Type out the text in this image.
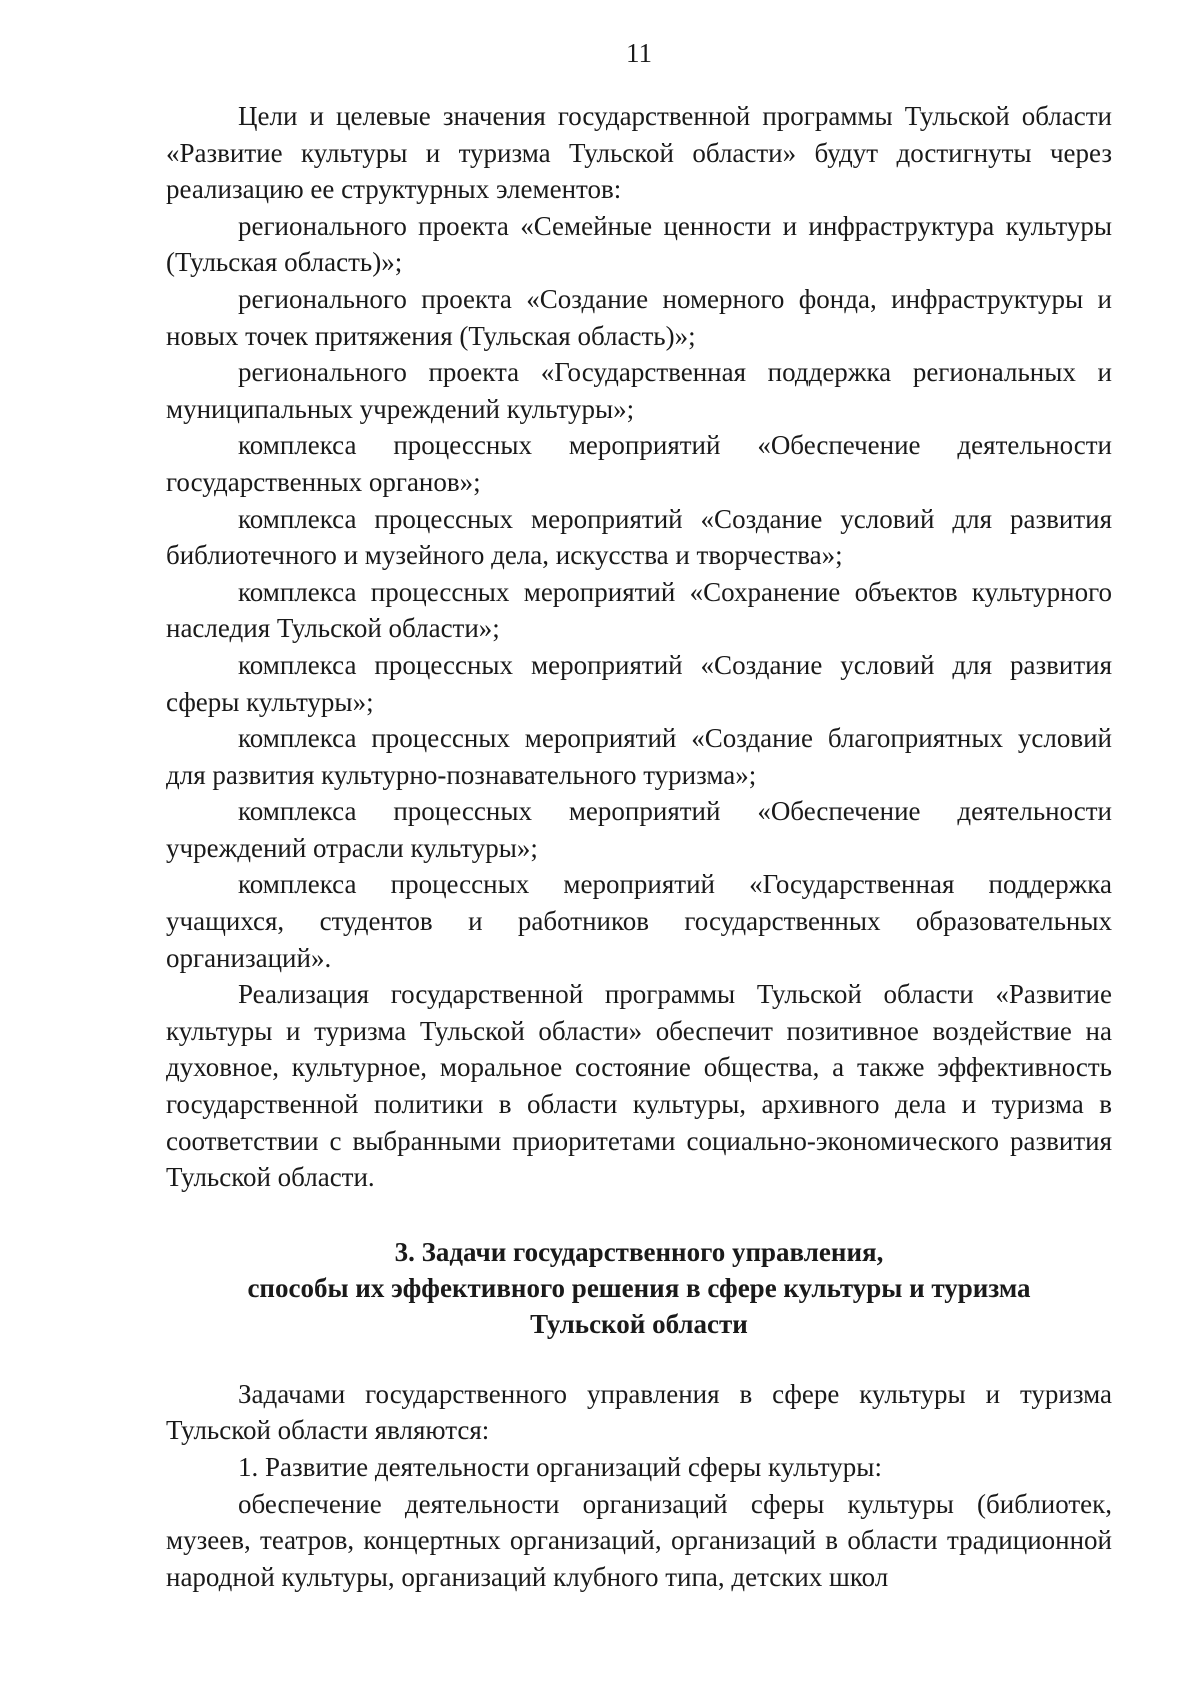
11

Цели и целевые значения государственной программы Тульской области «Развитие культуры и туризма Тульской области» будут достигнуты через реализацию ее структурных элементов:

регионального проекта «Семейные ценности и инфраструктура культуры (Тульская область)»;

регионального проекта «Создание номерного фонда, инфраструктуры и новых точек притяжения (Тульская область)»;

регионального проекта «Государственная поддержка региональных и муниципальных учреждений культуры»;

комплекса процессных мероприятий «Обеспечение деятельности государственных органов»;

комплекса процессных мероприятий «Создание условий для развития библиотечного и музейного дела, искусства и творчества»;

комплекса процессных мероприятий «Сохранение объектов культурного наследия Тульской области»;

комплекса процессных мероприятий «Создание условий для развития сферы культуры»;

комплекса процессных мероприятий «Создание благоприятных условий для развития культурно-познавательного туризма»;

комплекса процессных мероприятий «Обеспечение деятельности учреждений отрасли культуры»;

комплекса процессных мероприятий «Государственная поддержка учащихся, студентов и работников государственных образовательных организаций».

Реализация государственной программы Тульской области «Развитие культуры и туризма Тульской области» обеспечит позитивное воздействие на духовное, культурное, моральное состояние общества, а также эффективность государственной политики в области культуры, архивного дела и туризма в соответствии с выбранными приоритетами социально-экономического развития Тульской области.

3. Задачи государственного управления,
способы их эффективного решения в сфере культуры и туризма
Тульской области

Задачами государственного управления в сфере культуры и туризма Тульской области являются:

1. Развитие деятельности организаций сферы культуры:

обеспечение деятельности организаций сферы культуры (библиотек, музеев, театров, концертных организаций, организаций в области традиционной народной культуры, организаций клубного типа, детских школ
